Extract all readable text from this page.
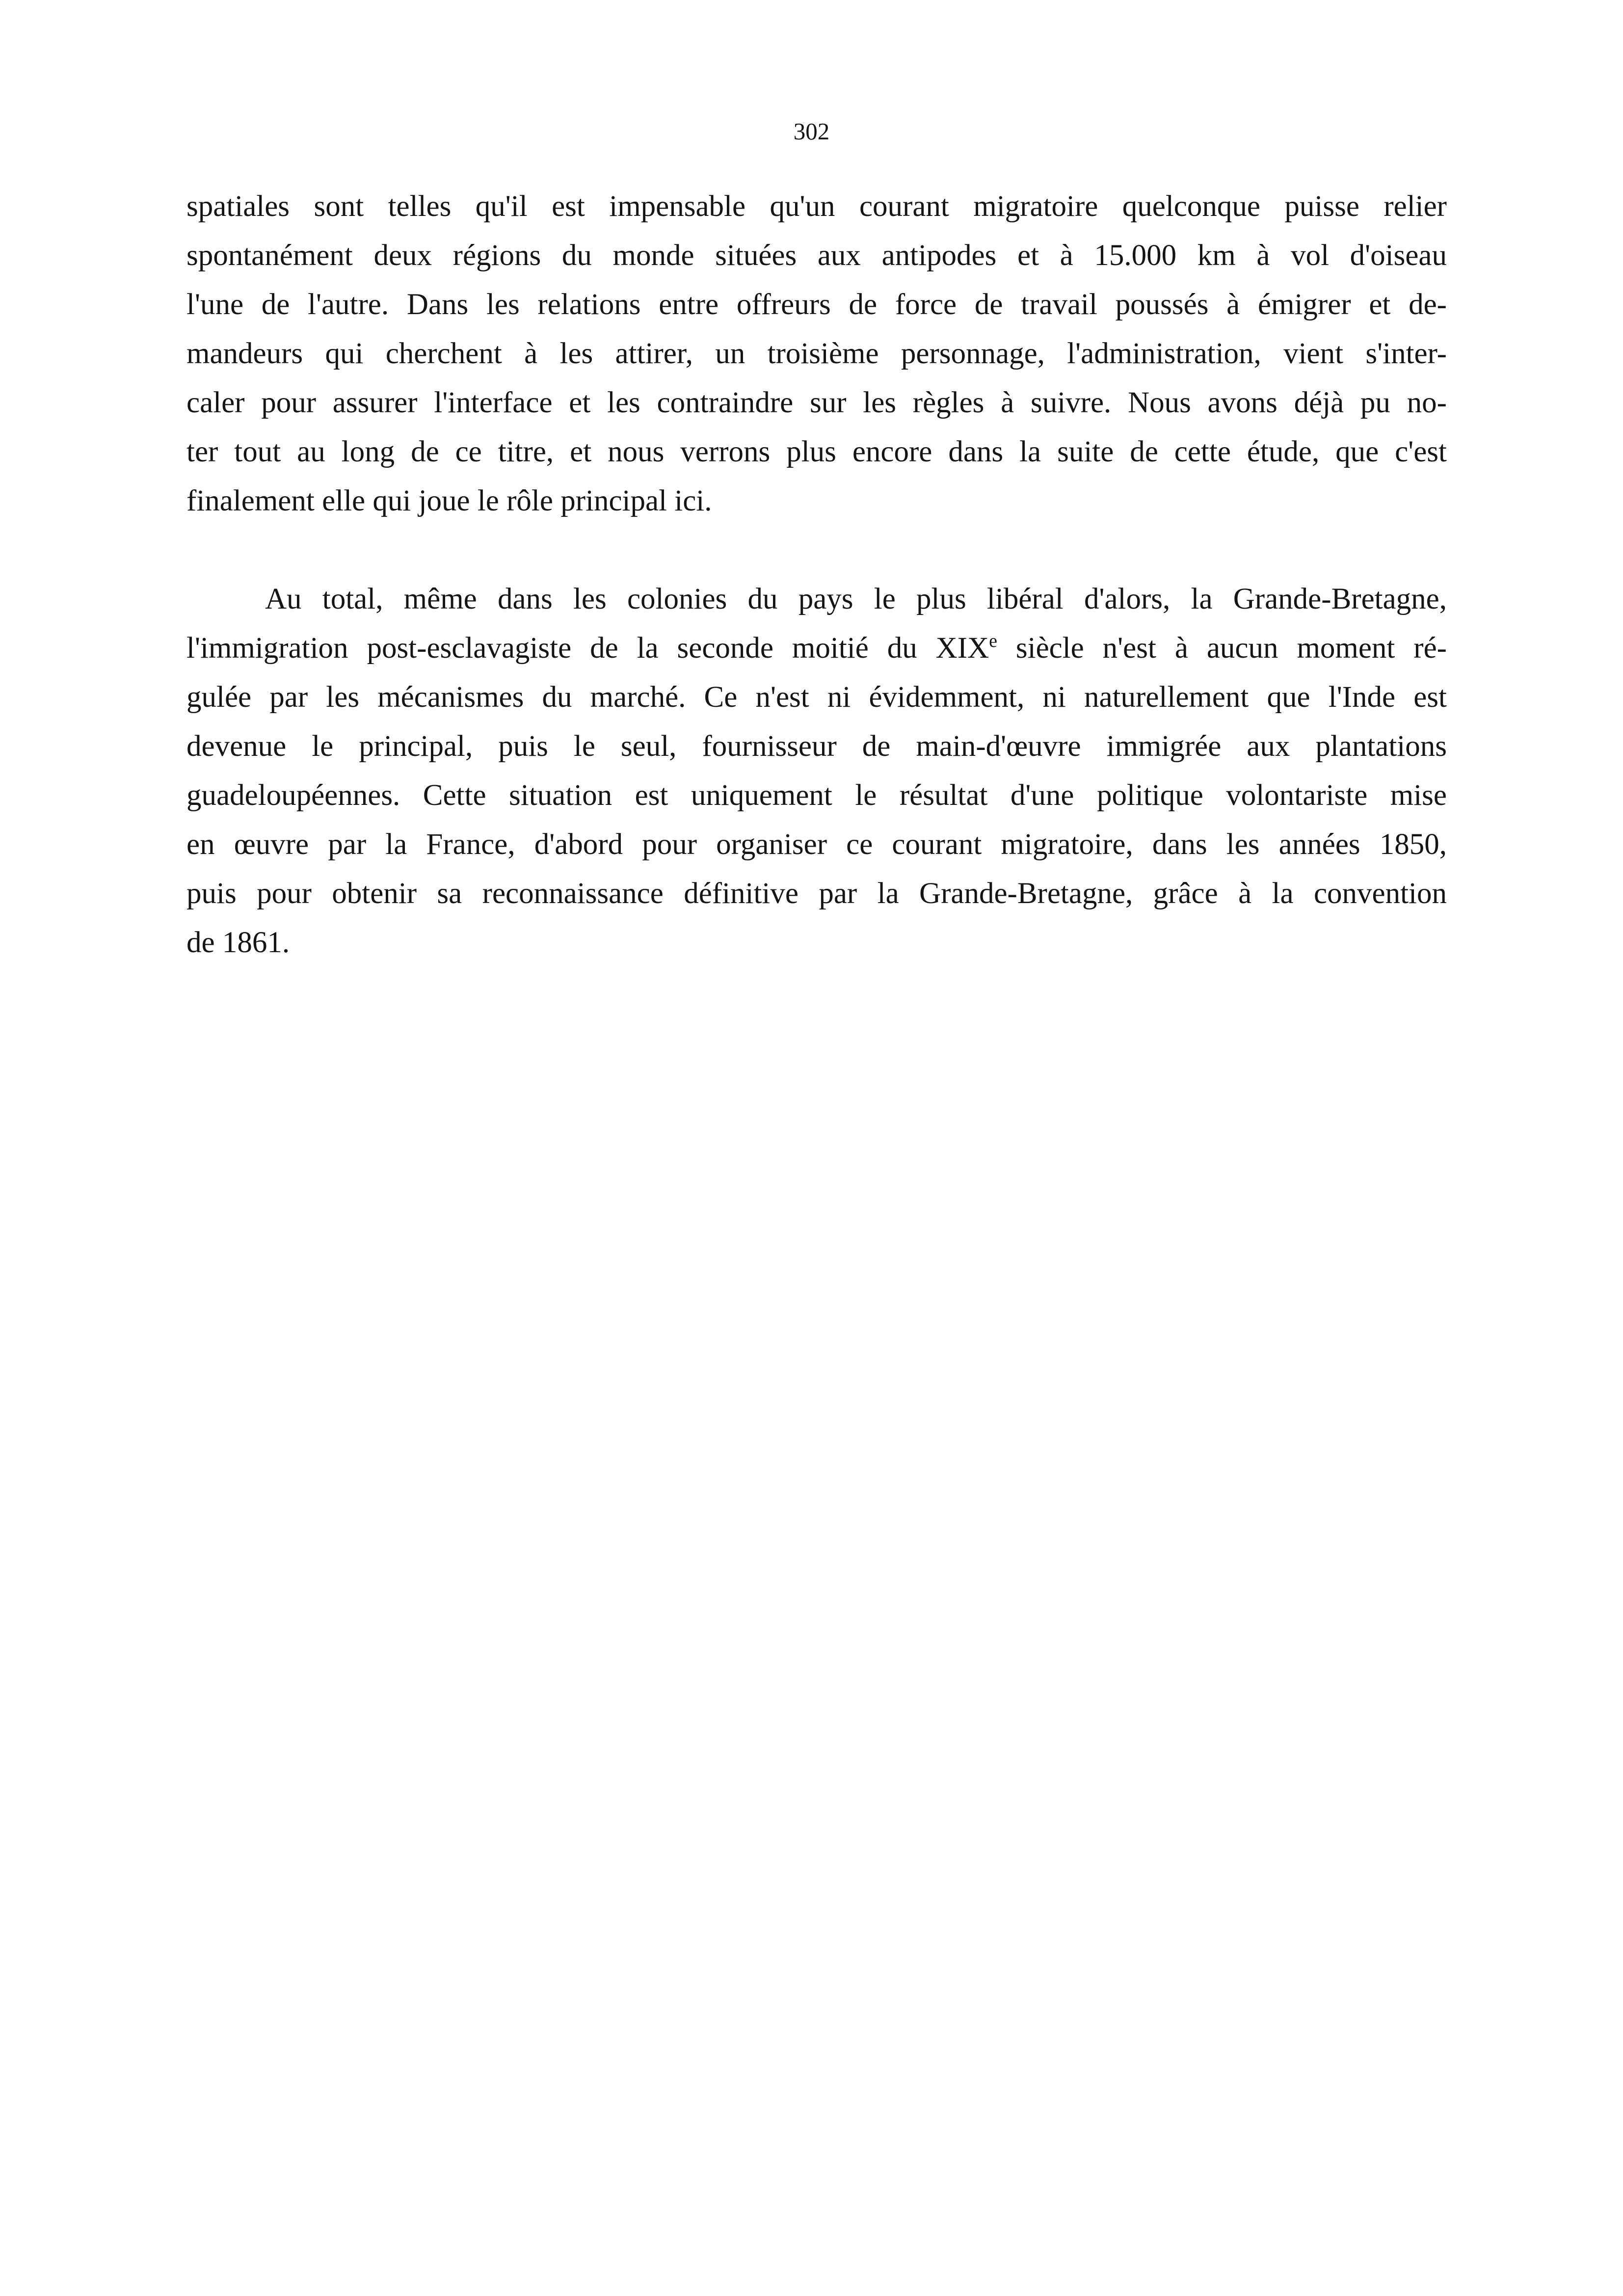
302
spatiales sont telles qu'il est impensable qu'un courant migratoire quelconque puisse relier
spontanément deux régions du monde situées aux antipodes et à 15.000 km à vol d'oiseau
l'une de l'autre. Dans les relations entre offreurs de force de travail poussés à émigrer et de-
mandeurs qui cherchent à les attirer, un troisième personnage, l'administration, vient s'inter-
caler pour assurer l'interface et les contraindre sur les règles à suivre. Nous avons déjà pu no-
ter tout au long de ce titre, et nous verrons plus encore dans la suite de cette étude, que c'est
finalement elle qui joue le rôle principal ici.
Au total, même dans les colonies du pays le plus libéral d'alors, la Grande-Bretagne,
l'immigration post-esclavagiste de la seconde moitié du XIXe siècle n'est à aucun moment ré-
gulée par les mécanismes du marché. Ce n'est ni évidemment, ni naturellement que l'Inde est
devenue le principal, puis le seul, fournisseur de main-d'œuvre immigrée aux plantations
guadeloupéennes. Cette situation est uniquement le résultat d'une politique volontariste mise
en œuvre par la France, d'abord pour organiser ce courant migratoire, dans les années 1850,
puis pour obtenir sa reconnaissance définitive par la Grande-Bretagne, grâce à la convention
de 1861.
